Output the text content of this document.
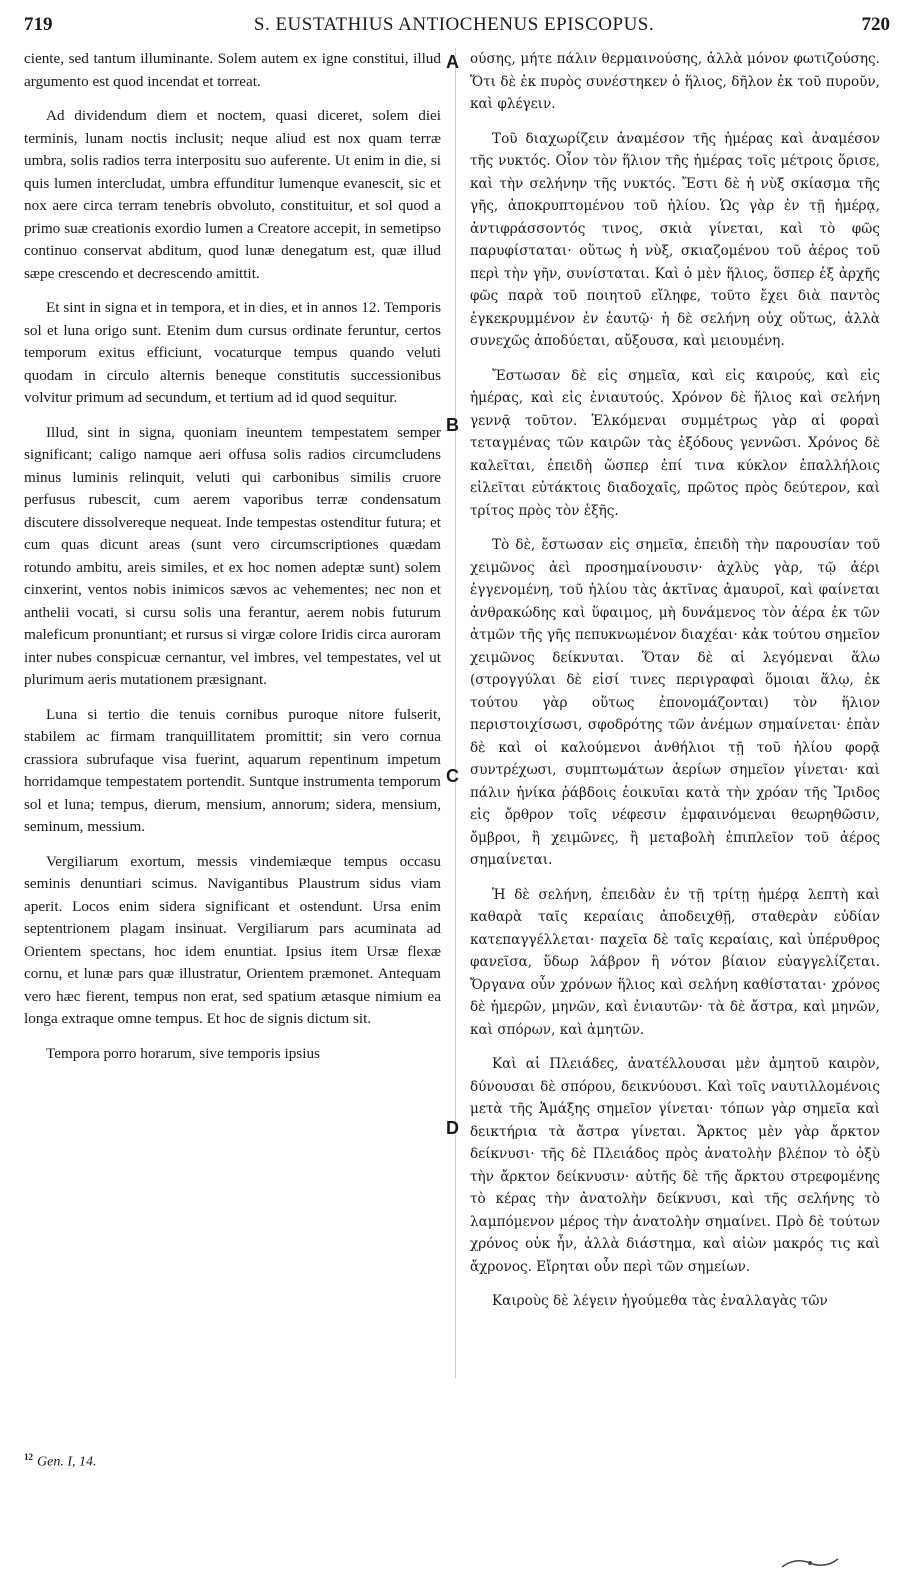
719	S. EUSTATHIUS ANTIOCHENUS EPISCOPUS.	720
A
B
C
D

ciente, sed tantum illuminante. Solem autem ex igne constitui, illud argumento est quod incendat et torreat.

Ad dividendum diem et noctem, quasi diceret, solem diei terminis, lunam noctis inclusit; neque aliud est nox quam terræ umbra, solis radios terra interpositu suo auferente. Ut enim in die, si quis lumen intercludat, umbra effunditur lumenque evanescit, sic et nox aere circa terram tenebris obvoluto, constituitur, et sol quod a primo suæ creationis exordio lumen a Creatore accepit, in semetipso continuo conservat abditum, quod lunæ denegatum est, quæ illud sæpe crescendo et decrescendo amittit.

Et sint in signa et in tempora, et in dies, et in annos 12. Temporis sol et luna origo sunt. Etenim dum cursus ordinate feruntur, certos temporum exitus efficiunt, vocaturque tempus quando veluti quodam in circulo alternis beneque constitutis successionibus volvitur primum ad secundum, et tertium ad id quod sequitur.

Illud, sint in signa, quoniam ineuntem tempestatem semper significant; caligo namque aeri offusa solis radios circumcludens minus luminis relinquit, veluti qui carbonibus similis cruore perfusus rubescit, cum aerem vaporibus terræ condensatum discutere dissolvereque nequeat. Inde tempestas ostenditur futura; et cum quas dicunt areas (sunt vero circumscriptiones quædam rotundo ambitu, areis similes, et ex hoc nomen adeptæ sunt) solem cinxerint, ventos nobis inimicos sævos ac vehementes; nec non et anthelii vocati, si cursu solis una ferantur, aerem nobis futurum maleficum pronuntiant; et rursus si virgæ colore Iridis circa auroram inter nubes conspicuæ cernantur, vel imbres, vel tempestates, vel ut plurimum aeris mutationem præsignant.

Luna si tertio die tenuis cornibus puroque nitore fulserit, stabilem ac firmam tranquillitatem promittit; sin vero cornua crassiora subrufaque visa fuerint, aquarum repentinum impetum horridamque tempestatem portendit. Suntque instrumenta temporum sol et luna; tempus, dierum, mensium, annorum; sidera, mensium, seminum, messium.

Vergiliarum exortum, messis vindemiæque tempus occasu seminis denuntiari scimus. Navigantibus Plaustrum sidus viam aperit. Locos enim sidera significant et ostendunt. Ursa enim septentrionem plagam insinuat. Vergiliarum pars acuminata ad Orientem spectans, hoc idem enuntiat. Ipsius item Ursæ flexæ cornu, et lunæ pars quæ illustratur, Orientem præmonet. Antequam vero hæc fierent, tempus non erat, sed spatium ætasque nimium ea longa extraque omne tempus. Et hoc de signis dictum sit.

Tempora porro horarum, sive temporis ipsius

ούσης, μήτε πάλιν θερμαινούσης, ἀλλὰ μόνον φωτιζούσης. Ὅτι δὲ ἐκ πυρὸς συνέστηκεν ὁ ἥλιος, δῆλον ἐκ τοῦ πυροῦν, καὶ φλέγειν.

Τοῦ διαχωρίζειν ἀναμέσον τῆς ἡμέρας καὶ ἀναμέσον τῆς νυκτός. Οἷον τὸν ἥλιον τῆς ἡμέρας τοῖς μέτροις ὅρισε, καὶ τὴν σελήνην τῆς νυκτός. Ἔστι δὲ ἡ νὺξ σκίασμα τῆς γῆς, ἀποκρυπτομένου τοῦ ἡλίου. Ὡς γὰρ ἐν τῇ ἡμέρᾳ, ἀντιφράσσοντός τινος, σκιὰ γίνεται, καὶ τὸ φῶς παρυφίσταται· οὕτως ἡ νὺξ, σκιαζομένου τοῦ ἀέρος τοῦ περὶ τὴν γῆν, συνίσταται. Καὶ ὁ μὲν ἥλιος, ὅσπερ ἐξ ἀρχῆς φῶς παρὰ τοῦ ποιητοῦ εἴληφε, τοῦτο ἔχει διὰ παντὸς ἐγκεκρυμμένον ἐν ἑαυτῷ· ἡ δὲ σελήνη οὐχ οὕτως, ἀλλὰ συνεχῶς ἀποδύεται, αὔξουσα, καὶ μειουμένη.

Ἔστωσαν δὲ εἰς σημεῖα, καὶ εἰς καιρούς, καὶ εἰς ἡμέρας, καὶ εἰς ἐνιαυτούς. Χρόνον δὲ ἥλιος καὶ σελήνη γεννᾷ τοῦτον. Ἑλκόμεναι συμμέτρως γὰρ αἱ φοραὶ τεταγμένας τῶν καιρῶν τὰς ἐξόδους γεννῶσι. Χρόνος δὲ καλεῖται, ἐπειδὴ ὥσπερ ἐπί τινα κύκλον ἐπαλλήλοις εἰλεῖται εὐτάκτοις διαδοχαῖς, πρῶτος πρὸς δεύτερον, καὶ τρίτος πρὸς τὸν ἑξῆς.

Τὸ δὲ, ἔστωσαν εἰς σημεῖα, ἐπειδὴ τὴν παρουσίαν τοῦ χειμῶνος ἀεὶ προσημαίνουσιν· ἀχλὺς γὰρ, τῷ ἀέρι ἐγγενομένη, τοῦ ἡλίου τὰς ἀκτῖνας ἀμαυροῖ, καὶ φαίνεται ἀνθρακώδης καὶ ὕφαιμος, μὴ δυνάμενος τὸν ἀέρα ἐκ τῶν ἀτμῶν τῆς γῆς πεπυκνωμένον διαχέαι· κἀκ τούτου σημεῖον χειμῶνος δείκνυται. Ὅταν δὲ αἱ λεγόμεναι ἅλω (στρογγύλαι δὲ εἰσί τινες περιγραφαὶ ὅμοιαι ἅλῳ, ἐκ τούτου γὰρ οὕτως ἐπονομάζονται) τὸν ἥλιον περιστοιχίσωσι, σφοδρότης τῶν ἀνέμων σημαίνεται· ἐπὰν δὲ καὶ οἱ καλούμενοι ἀνθήλιοι τῇ τοῦ ἡλίου φορᾷ συντρέχωσι, συμπτωμάτων ἀερίων σημεῖον γίνεται· καὶ πάλιν ἡνίκα ῥάβδοις ἐοικυῖαι κατὰ τὴν χρόαν τῆς Ἴριδος εἰς ὄρθρον τοῖς νέφεσιν ἐμφαινόμεναι θεωρηθῶσιν, ὄμβροι, ἢ χειμῶνες, ἢ μεταβολὴ ἐπιπλεῖον τοῦ ἀέρος σημαίνεται.

Ἡ δὲ σελήνη, ἐπειδὰν ἐν τῇ τρίτῃ ἡμέρᾳ λεπτὴ καὶ καθαρὰ ταῖς κεραίαις ἀποδειχθῇ, σταθερὰν εὐδίαν κατεπαγγέλλεται· παχεῖα δὲ ταῖς κεραίαις, καὶ ὑπέρυθρος φανεῖσα, ὕδωρ λάβρον ἢ νότον βίαιον εὐαγγελίζεται. Ὄργανα οὖν χρόνων ἥλιος καὶ σελήνη καθίσταται· χρόνος δὲ ἡμερῶν, μηνῶν, καὶ ἐνιαυτῶν· τὰ δὲ ἄστρα, καὶ μηνῶν, καὶ σπόρων, καὶ ἀμητῶν.

Καὶ αἱ Πλειάδες, ἀνατέλλουσαι μὲν ἀμητοῦ καιρὸν, δύνουσαι δὲ σπόρου, δεικνύουσι. Καὶ τοῖς ναυτιλλομένοις μετὰ τῆς Ἁμάξης σημεῖον γίνεται· τόπων γὰρ σημεῖα καὶ δεικτήρια τὰ ἄστρα γίνεται. Ἄρκτος μὲν γὰρ ἄρκτον δείκνυσι· τῆς δὲ Πλειάδος πρὸς ἀνατολὴν βλέπον τὸ ὀξὺ τὴν ἄρκτον δείκνυσιν· αὐτῆς δὲ τῆς ἄρκτου στρεφομένης τὸ κέρας τὴν ἀνατολὴν δείκνυσι, καὶ τῆς σελήνης τὸ λαμπόμενον μέρος τὴν ἀνατολὴν σημαίνει. Πρὸ δὲ τούτων χρόνος οὐκ ἦν, ἀλλὰ διάστημα, καὶ αἰὼν μακρός τις καὶ ἄχρονος. Εἴρηται οὖν περὶ τῶν σημείων.

Καιροὺς δὲ λέγειν ἡγούμεθα τὰς ἐναλλαγὰς τῶν

$^{12}$ Gen. I, 14.
